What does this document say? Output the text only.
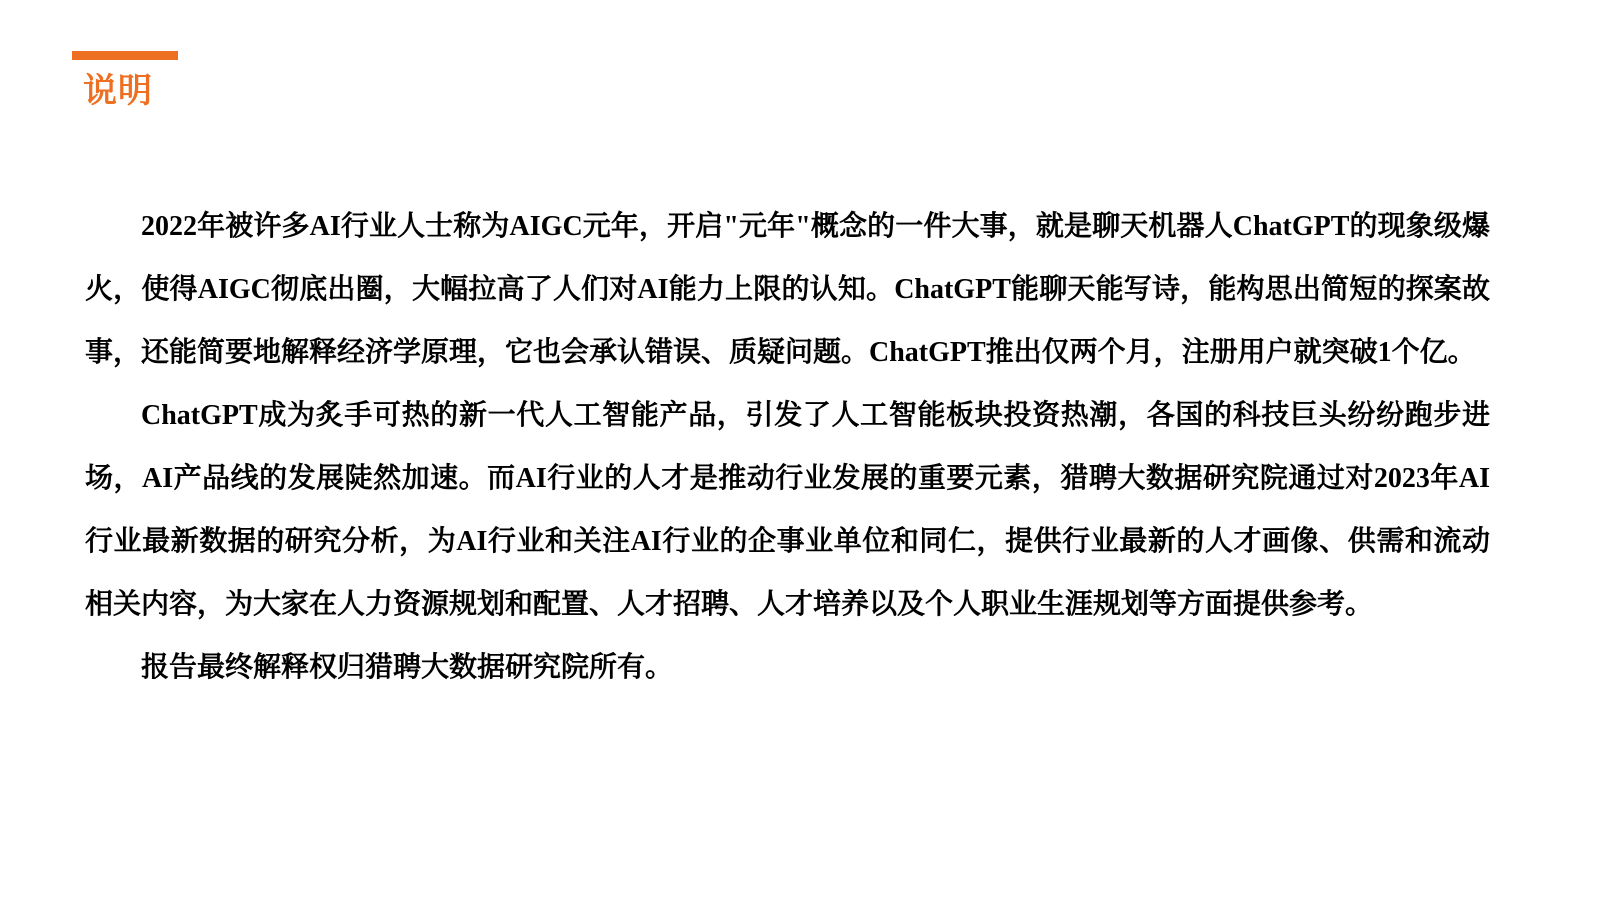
说明

2022年被许多AI行业人士称为AIGC元年，开启"元年"概念的一件大事，就是聊天机器人ChatGPT的现象级爆火，使得AIGC彻底出圈，大幅拉高了人们对AI能力上限的认知。ChatGPT能聊天能写诗，能构思出简短的探案故事，还能简要地解释经济学原理，它也会承认错误、质疑问题。ChatGPT推出仅两个月，注册用户就突破1个亿。

ChatGPT成为炙手可热的新一代人工智能产品，引发了人工智能板块投资热潮，各国的科技巨头纷纷跑步进场，AI产品线的发展陡然加速。而AI行业的人才是推动行业发展的重要元素，猎聘大数据研究院通过对2023年AI行业最新数据的研究分析，为AI行业和关注AI行业的企事业单位和同仁，提供行业最新的人才画像、供需和流动相关内容，为大家在人力资源规划和配置、人才招聘、人才培养以及个人职业生涯规划等方面提供参考。

报告最终解释权归猎聘大数据研究院所有。
